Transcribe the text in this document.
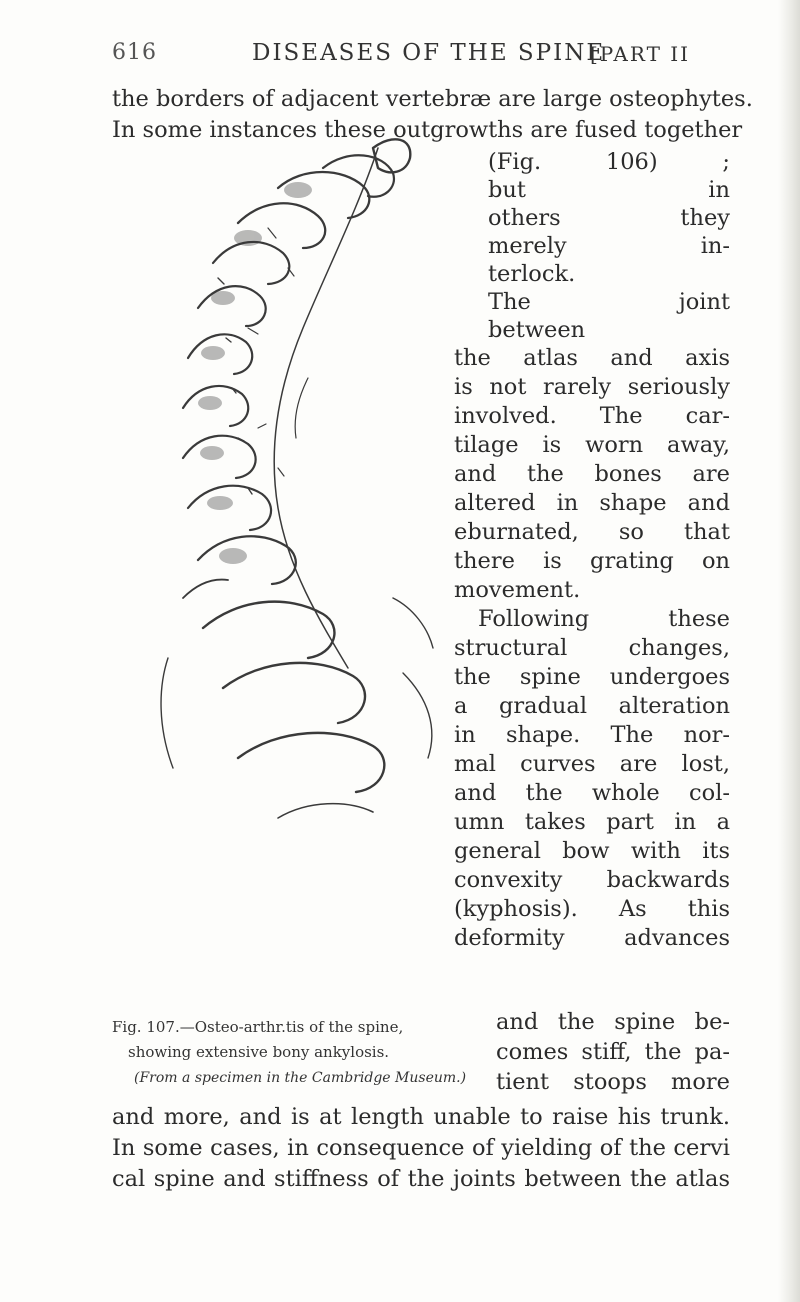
616	DISEASES OF THE SPINE
[PART II
the borders of adjacent vertebræ are large osteophytes.
In some instances these outgrowths are fused together
(Fig. 106) ;
but in
others they
merely in-
terlock.
The joint
between
the atlas and axis
is not rarely seriously
involved. The car-
tilage is worn away,
and the bones are
altered in shape and
eburnated, so that
there is grating on
movement.
Following these
structural changes,
the spine undergoes
a gradual alteration
in shape. The nor-
mal curves are lost,
and the whole col-
umn takes part in a
general bow with its
convexity backwards
(kyphosis). As this
deformity advances
and the spine be-
comes stiff, the pa-
tient stoops more
Fig. 107.—Osteo-arthr.tis of the spine,
showing extensive bony ankylosis.
(From a specimen in the Cambridge Museum.)
and more, and is at length unable to raise his trunk.
In some cases, in consequence of yielding of the cervi
cal spine and stiffness of the joints between the atlas
